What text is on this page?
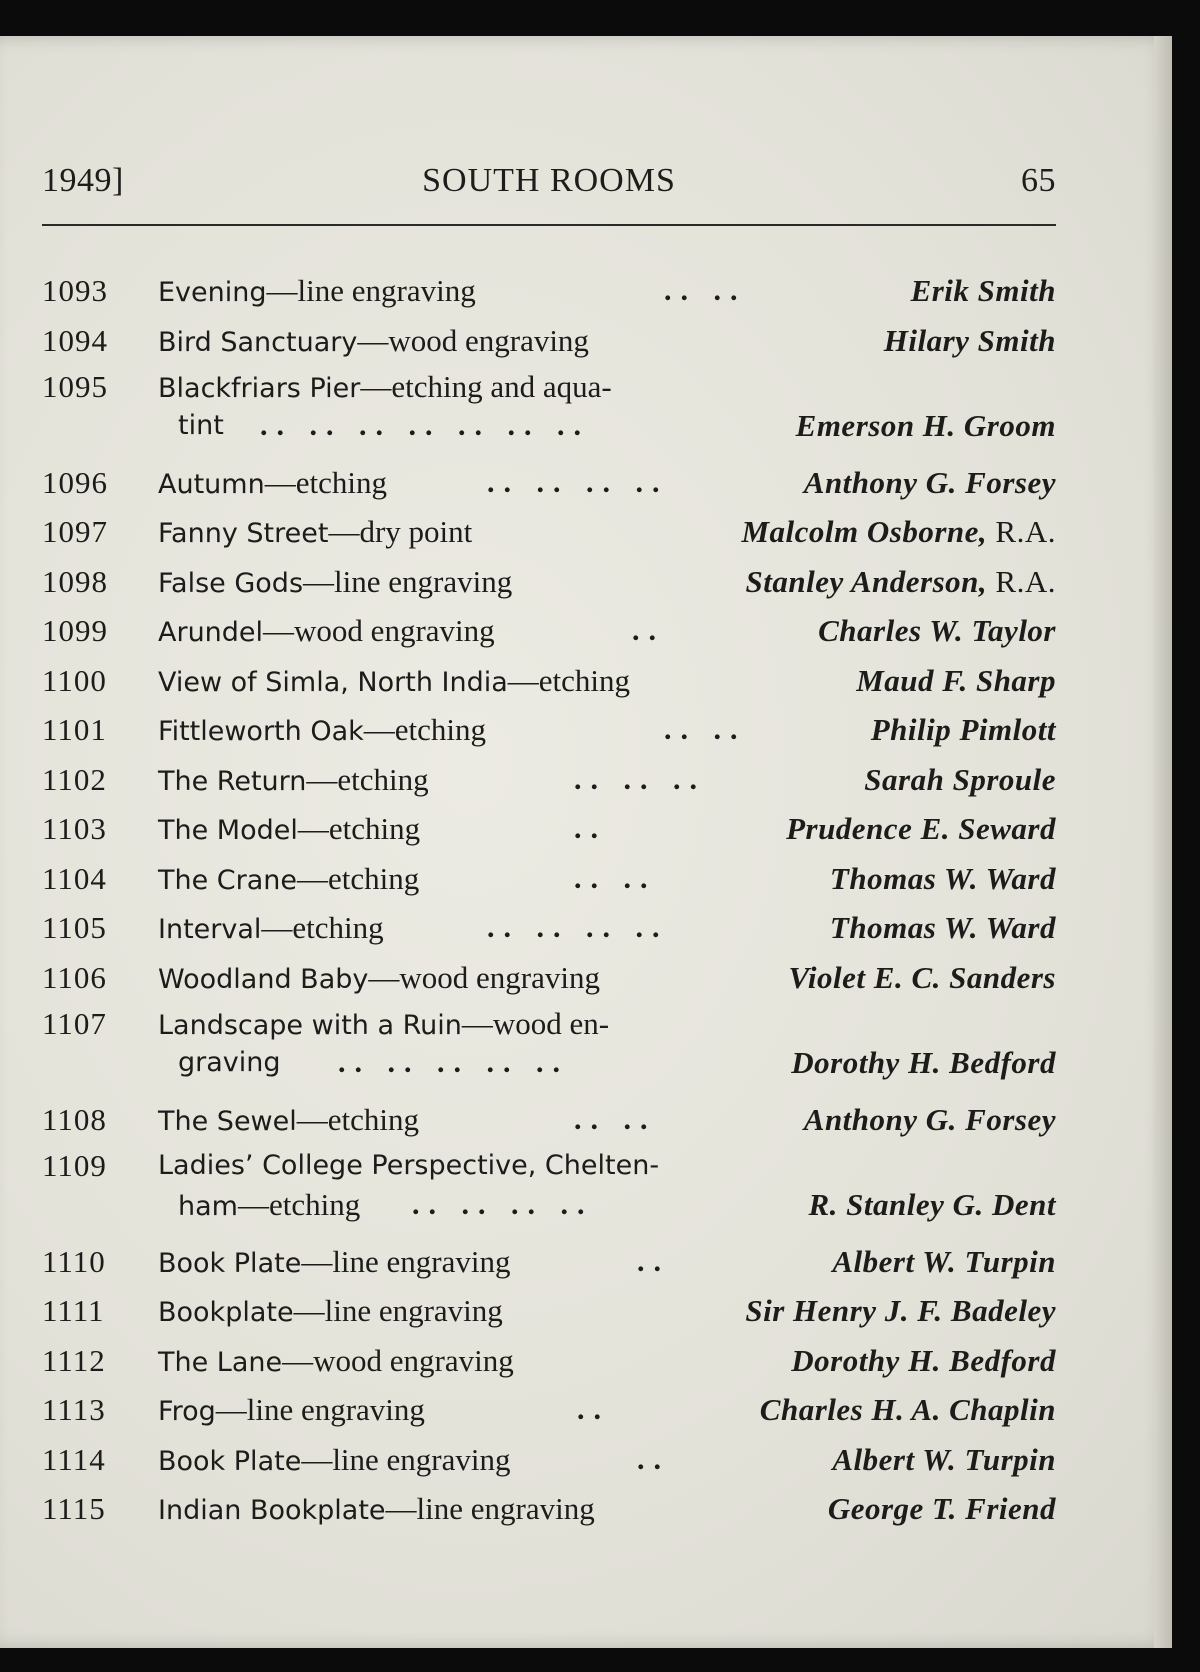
1949]	SOUTH ROOMS	65
1093 Evening—line engraving	.. ..	Erik Smith
1094 Bird Sanctuary—wood engraving	Hilary Smith
1095 Blackfriars Pier—etching and aqua-
tint .. .. .. .. .. .. ..	Emerson H. Groom
1096 Autumn—etching	.. .. .. ..	Anthony G. Forsey
1097 Fanny Street—dry point	Malcolm Osborne, R.A.
1098 False Gods—line engraving	Stanley Anderson, R.A.
1099 Arundel—wood engraving	..	Charles W. Taylor
1100 View of Simla, North India—etching	Maud F. Sharp
1101 Fittleworth Oak—etching	.. ..	Philip Pimlott
1102 The Return—etching	.. .. ..	Sarah Sproule
1103 The Model—etching	..	Prudence E. Seward
1104 The Crane—etching	.. ..	Thomas W. Ward
1105 Interval—etching	.. .. .. ..	Thomas W. Ward
1106 Woodland Baby—wood engraving	Violet E. C. Sanders
1107 Landscape with a Ruin—wood en-
graving .. .. .. .. ..	Dorothy H. Bedford
1108 The Sewel—etching	.. ..	Anthony G. Forsey
1109 Ladies’ College Perspective, Chelten-
ham—etching .. .. .. ..	R. Stanley G. Dent
1110 Book Plate—line engraving	..	Albert W. Turpin
1111 Bookplate—line engraving	Sir Henry J. F. Badeley
1112 The Lane—wood engraving	Dorothy H. Bedford
1113 Frog—line engraving	..	Charles H. A. Chaplin
1114 Book Plate—line engraving	..	Albert W. Turpin
1115 Indian Bookplate—line engraving	George T. Friend
